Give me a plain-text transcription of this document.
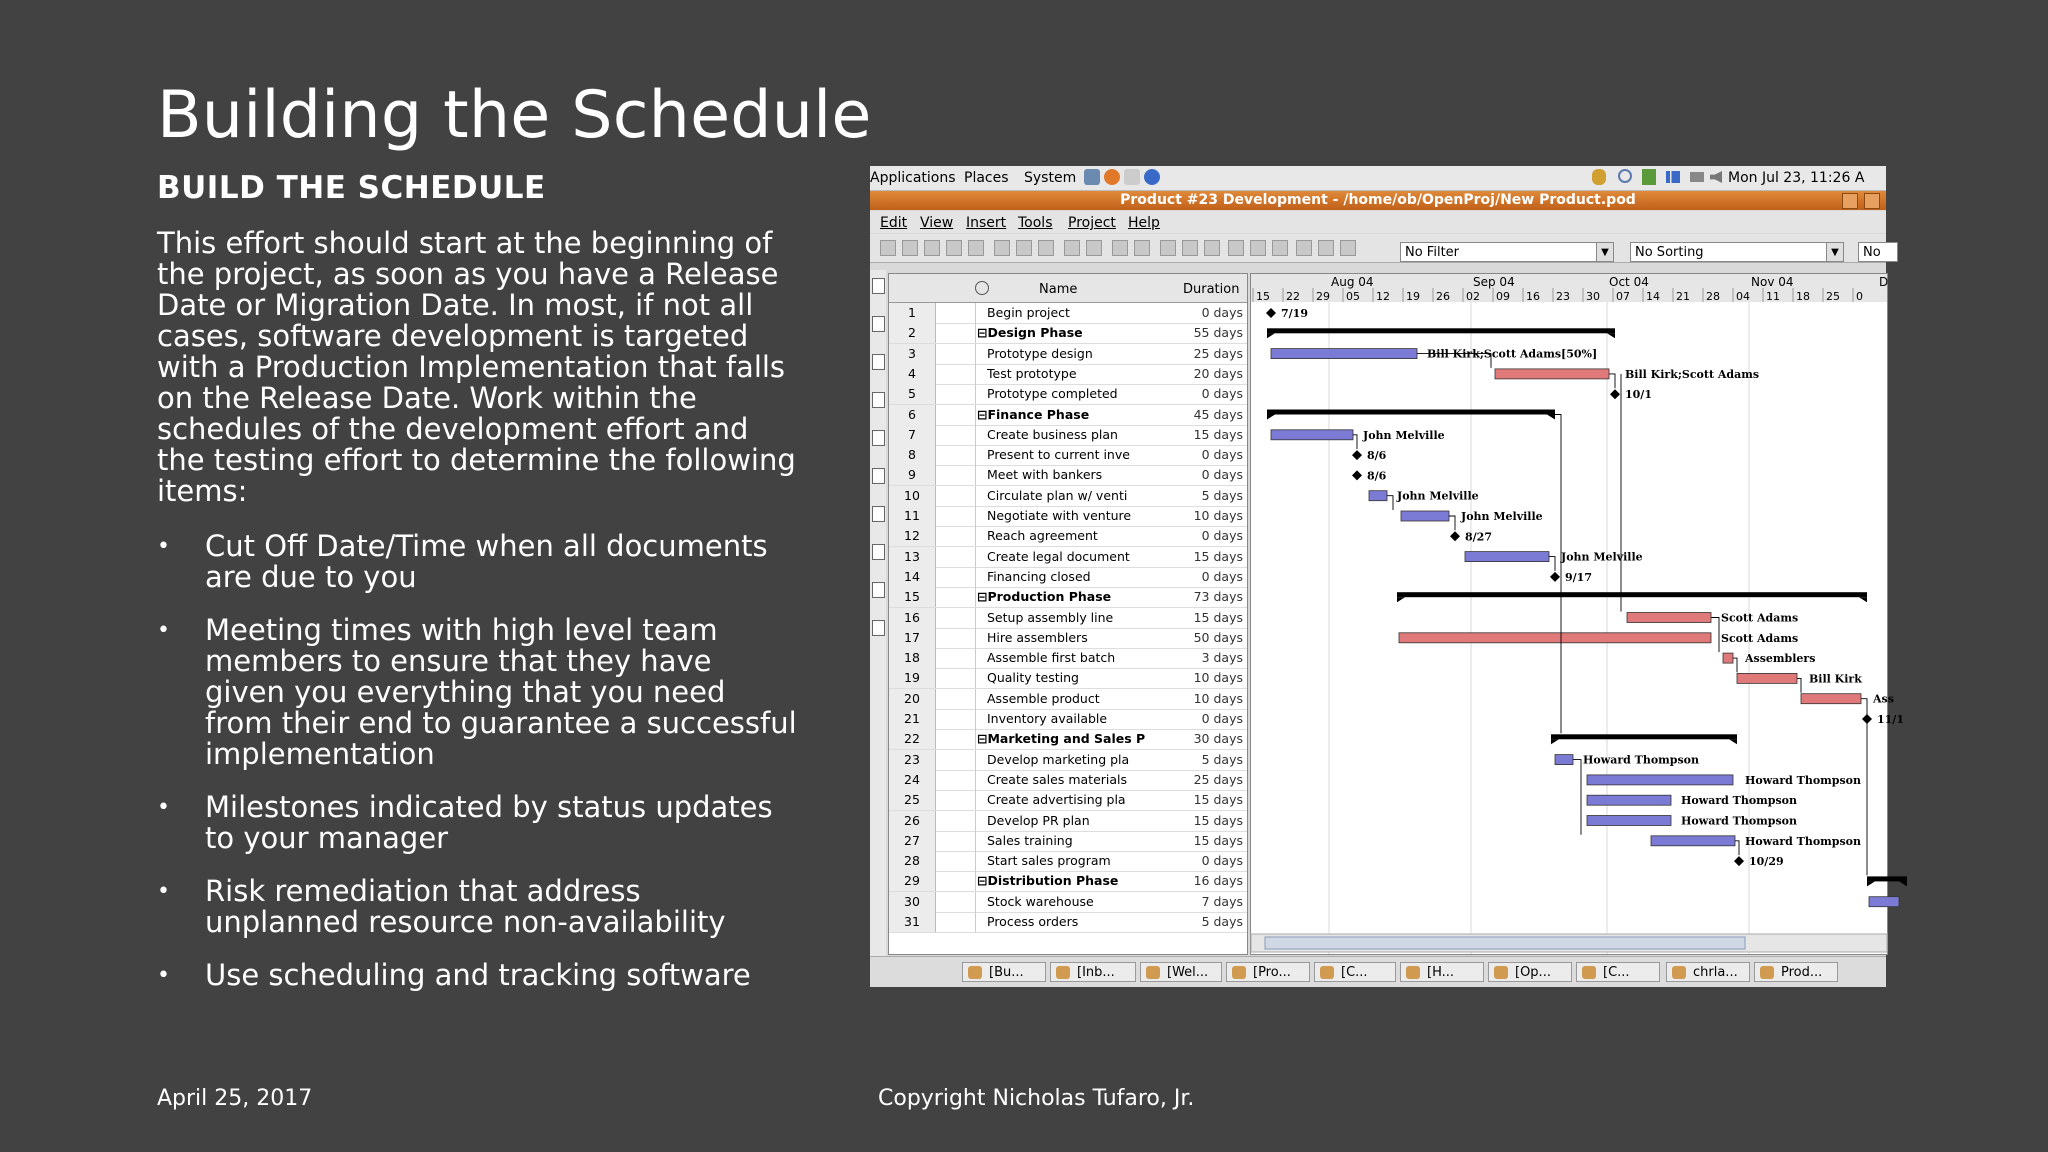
Building the Schedule
BUILD THE SCHEDULE

This effort should start at the beginning of the project, as soon as you have a Release Date or Migration Date. In most, if not all cases, software development is targeted with a Production Implementation that falls on the Release Date. Work within the schedules of the development effort and the testing effort to determine the following items:

• Cut Off Date/Time when all documents are due to you
• Meeting times with high level team members to ensure that they have given you everything that you need from their end to guarantee a successful implementation
• Milestones indicated by status updates to your manager
• Risk remediation that address unplanned resource non-availability
• Use scheduling and tracking software
April 25, 2017	Copyright Nicholas Tufaro, Jr.
Applications Places System	Mon Jul 23, 11:26 A
Product #23 Development - /home/ob/OpenProj/New Product.pod
Edit View Insert Tools Project Help
No Filter	▼	No Sorting	▼	No
Name	Duration
1	Begin project	0 days
2	⊟Design Phase	55 days
3	Prototype design	25 days
4	Test prototype	20 days
5	Prototype completed	0 days
6	⊟Finance Phase	45 days
7	Create business plan	15 days
8	Present to current inve	0 days
9	Meet with bankers	0 days
10	Circulate plan w/ venti	5 days
11	Negotiate with venture	10 days
12	Reach agreement	0 days
13	Create legal document	15 days
14	Financing closed	0 days
15	⊟Production Phase	73 days
16	Setup assembly line	15 days
17	Hire assemblers	50 days
18	Assemble first batch	3 days
19	Quality testing	10 days
20	Assemble product	10 days
21	Inventory available	0 days
22	⊟Marketing and Sales P	30 days
23	Develop marketing pla	5 days
24	Create sales materials	25 days
25	Create advertising pla	15 days
26	Develop PR plan	15 days
27	Sales training	15 days
28	Start sales program	0 days
29	⊟Distribution Phase	16 days
30	Stock warehouse	7 days
31	Process orders	5 days
Aug 04	Sep 04	Oct 04	Nov 04	D
15 22 29 05 12 19 26 02 09 16 23 30 07 14 21 28 04 11 18 25 0
7/19
Bill Kirk;Scott Adams[50%]
Bill Kirk;Scott Adams
10/1
John Melville
8/6
8/6
John Melville
John Melville
8/27
John Melville
9/17
Scott Adams
Scott Adams
Assemblers
Bill Kirk
Ass
11/1
Howard Thompson
Howard Thompson
Howard Thompson
Howard Thompson
Howard Thompson
10/29
[Bu...	[Inb...	[Wel...	[Pro...	[C...	[H...	[Op...	[C...	chrla...	Prod...
